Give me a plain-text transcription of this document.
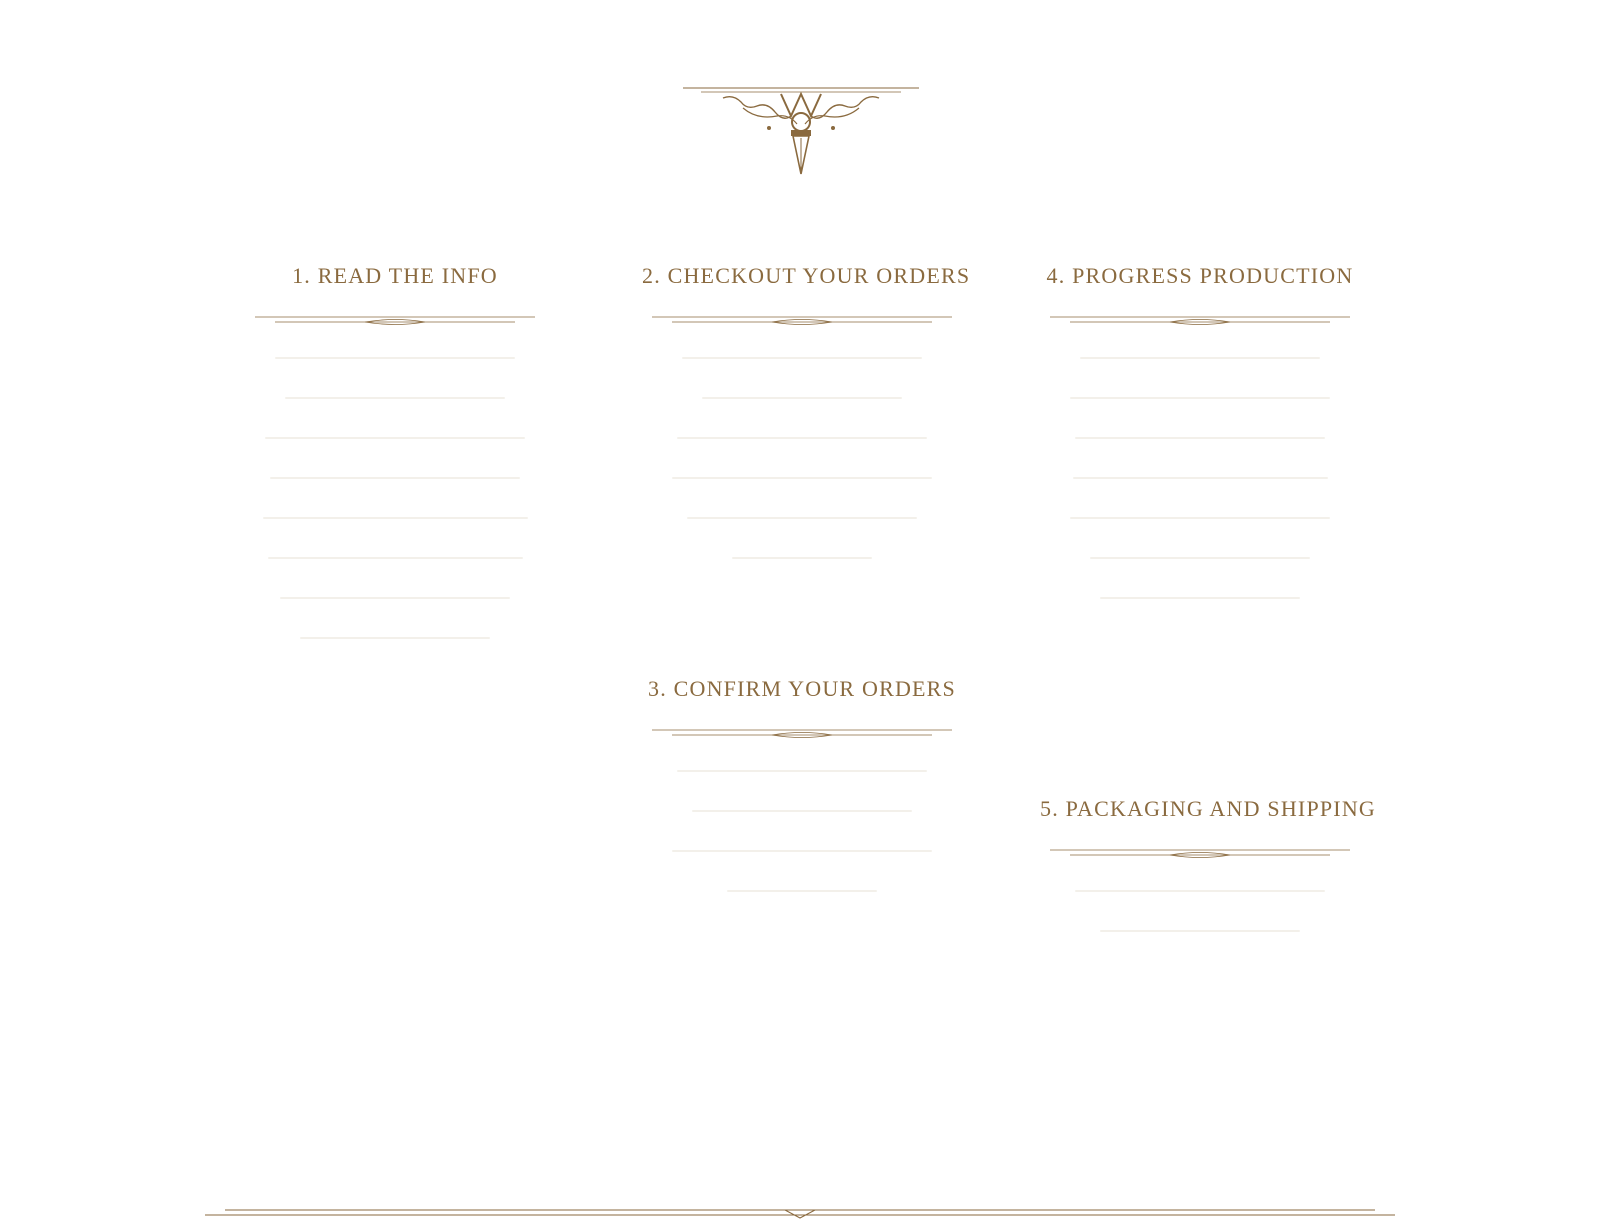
1. READ THE INFO	2. CHECKOUT YOUR ORDERS	4. PROGRESS PRODUCTION
3. CONFIRM YOUR ORDERS
5. PACKAGING AND SHIPPING
